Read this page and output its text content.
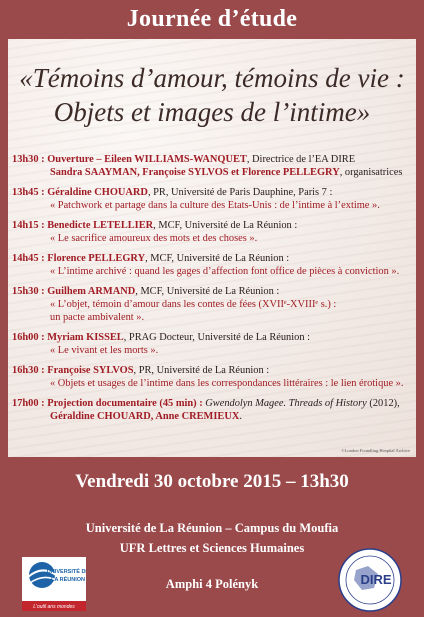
Journée d’étude
«Témoins d’amour, témoins de vie :
Objets et images de l’intime»
13h30 : Ouverture – Eileen WILLIAMS-WANQUET, Directrice de l’EA DIRE
Sandra SAAYMAN, Françoise SYLVOS et Florence PELLEGRY, organisatrices
13h45 : Géraldine CHOUARD, PR, Université de Paris Dauphine, Paris 7 :
« Patchwork et partage dans la culture des Etats-Unis : de l’intime à l’extime ».
14h15 : Benedicte LETELLIER, MCF, Université de La Réunion :
« Le sacrifice amoureux des mots et des choses ».
14h45 : Florence PELLEGRY, MCF, Université de La Réunion :
« L’intime archivé : quand les gages d’affection font office de pièces à conviction ».
15h30 : Guilhem ARMAND, MCF, Université de La Réunion :
« L’objet, témoin d’amour dans les contes de fées (XVIIᵉ-XVIIIᵉ s.) :
un pacte ambivalent ».
16h00 : Myriam KISSEL, PRAG Docteur, Université de La Réunion :
« Le vivant et les morts ».
16h30 : Françoise SYLVOS, PR, Université de La Réunion :
« Objets et usages de l’intime dans les correspondances littéraires : le lien érotique ».
17h00 : Projection documentaire (45 min) : Gwendolyn Magee. Threads of History (2012),
Géraldine CHOUARD, Anne CREMIEUX.
©London Foundling Hospital Archive
Vendredi 30 octobre 2015 – 13h30
Université de La Réunion – Campus du Moufia
UFR Lettres et Sciences Humaines
Amphi 4 Polényk
UNIVERSITÉ DE
LA RÉUNION
L'outil ans mondes
DIRE
